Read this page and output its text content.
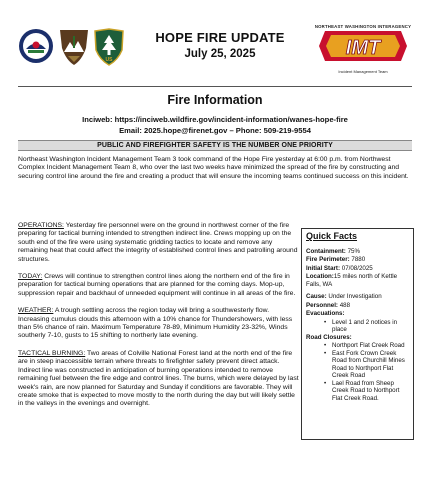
US
HOPE FIRE UPDATE
July 25, 2025
NORTHEAST WASHINGTON INTERAGENCY
IMT
Incident Management Team
Fire Information
Inciweb: https://inciweb.wildfire.gov/incident-information/wanes-hope-fire
Email: 2025.hope@firenet.gov – Phone: 509-219-9554
PUBLIC AND FIREFIGHTER SAFETY IS THE NUMBER ONE PRIORITY
Northeast Washington Incident Management Team 3 took command of the Hope Fire yesterday at 6:00 p.m. from Northwest Complex Incident Management Team 8, who over the last two weeks have minimized the spread of the fire by constructing and securing control line around the fire and creating a product that will ensure the incoming teams continued success on this incident.

OPERATIONS: Yesterday fire personnel were on the ground in northwest corner of the fire preparing for tactical burning intended to strengthen indirect line. Crews mopping up on the south end of the fire were using systematic gridding tactics to locate and remove any remaining heat that could affect the integrity of established control lines and patrolling around structures.

TODAY: Crews will continue to strengthen control lines along the northern end of the fire in preparation for tactical burning operations that are planned for the coming days. Mop-up, suppression repair and backhaul of unneeded equipment will continue in all areas of the fire.

WEATHER: A trough settling across the region today will bring a southwesterly flow. Increasing cumulus clouds this afternoon with a 10% chance for Thundershowers, with less than 5% chance of rain. Maximum Temperature 78-89, Minimum Humidity 23-32%, Winds southerly 7-10, gusts to 15 shifting to northerly late evening.

TACTICAL BURNING: Two areas of Colville National Forest land at the north end of the fire are in steep inaccessible terrain where threats to firefighter safety prevent direct attack. Indirect line was constructed in anticipation of burning operations intended to remove remaining fuel between the fire edge and control lines. The burns, which were delayed by last week's rain, are now planned for Saturday and Sunday if conditions are favorable. They will create smoke that is expected to move mostly to the north during the day but will likely settle in the valleys in the evenings and overnight.

Quick Facts
Containment: 75%
Fire Perimeter: 7880
Initial Start: 07/08/2025
Location:15 miles north of Kettle Falls, WA
Cause: Under Investigation
Personnel: 488
Evacuations:
• Level 1 and 2 notices in place
Road Closures:
• Northport Flat Creek Road
• East Fork Crown Creek Road from Churchill Mines Road to Northport Flat Creek Road
• Lael Road from Sheep Creek Road to Northport Flat Creek Road.
